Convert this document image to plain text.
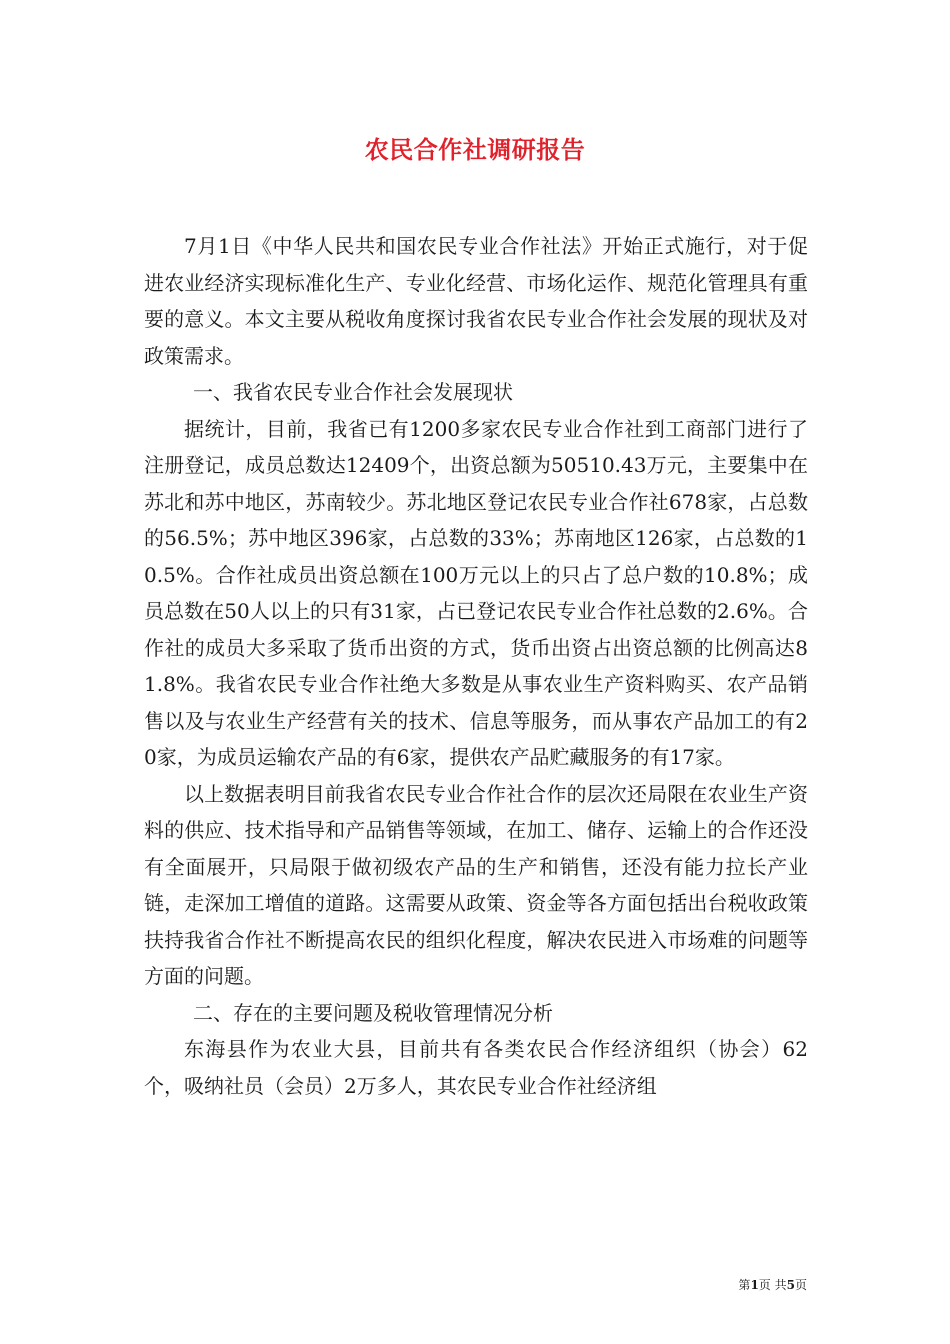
农民合作社调研报告

7月1日《中华人民共和国农民专业合作社法》开始正式施行，对于促进农业经济实现标准化生产、专业化经营、市场化运作、规范化管理具有重要的意义。本文主要从税收角度探讨我省农民专业合作社会发展的现状及对政策需求。

一、我省农民专业合作社会发展现状

据统计，目前，我省已有1200多家农民专业合作社到工商部门进行了注册登记，成员总数达12409个，出资总额为50510.43万元，主要集中在苏北和苏中地区，苏南较少。苏北地区登记农民专业合作社678家，占总数的56.5%；苏中地区396家，占总数的33%；苏南地区126家，占总数的10.5%。合作社成员出资总额在100万元以上的只占了总户数的10.8%；成员总数在50人以上的只有31家，占已登记农民专业合作社总数的2.6%。合作社的成员大多采取了货币出资的方式，货币出资占出资总额的比例高达81.8%。我省农民专业合作社绝大多数是从事农业生产资料购买、农产品销售以及与农业生产经营有关的技术、信息等服务，而从事农产品加工的有20家，为成员运输农产品的有6家，提供农产品贮藏服务的有17家。

以上数据表明目前我省农民专业合作社合作的层次还局限在农业生产资料的供应、技术指导和产品销售等领域，在加工、储存、运输上的合作还没有全面展开，只局限于做初级农产品的生产和销售，还没有能力拉长产业链，走深加工增值的道路。这需要从政策、资金等各方面包括出台税收政策扶持我省合作社不断提高农民的组织化程度，解决农民进入市场难的问题等方面的问题。

二、存在的主要问题及税收管理情况分析

东海县作为农业大县，目前共有各类农民合作经济组织（协会）62个，吸纳社员（会员）2万多人，其农民专业合作社经济组

第1页 共5页
